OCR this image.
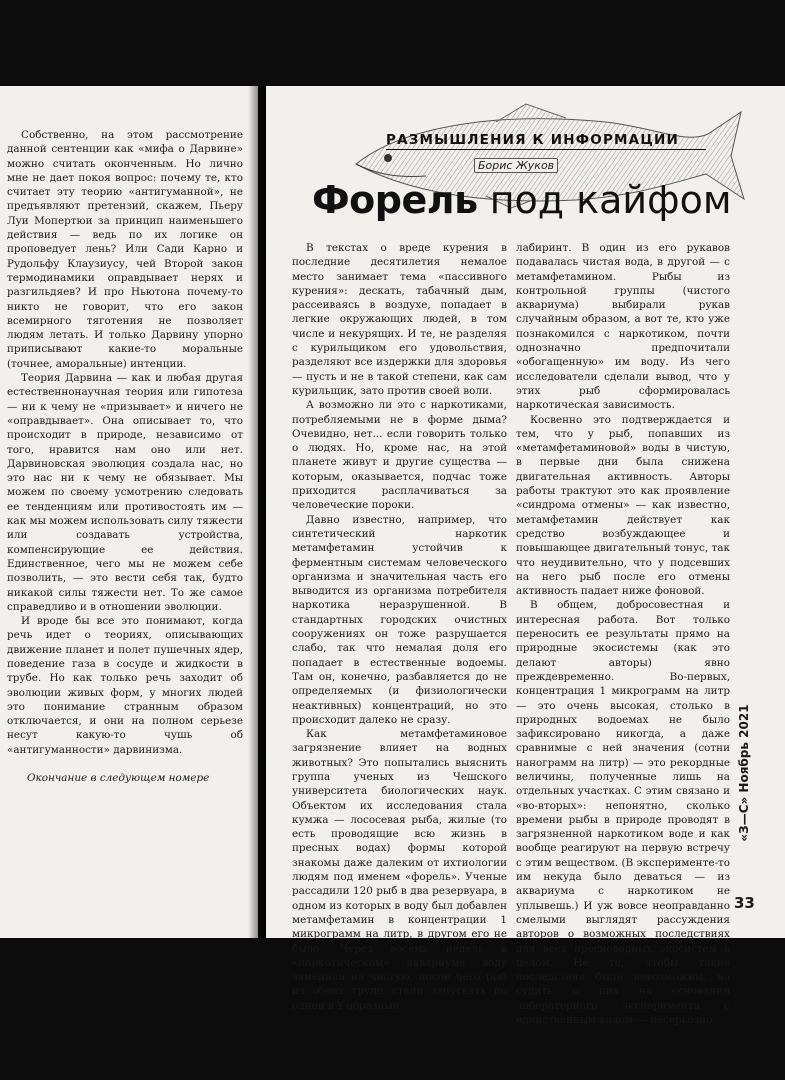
Собственно, на этом рассмотрение данной сентенции как «мифа о Дарвине» можно считать оконченным. Но лично мне не дает покоя вопрос: почему те, кто считает эту теорию «антигуманной», не предъявляют претензий, скажем, Пьеру Луи Мопертюи за принцип наименьшего действия — ведь по их логике он проповедует лень? Или Сади Карно и Рудольфу Клаузиусу, чей Второй закон термодинамики оправдывает нерях и разгильдяев? И про Ньютона почему-то никто не говорит, что его закон всемирного тяготения не позволяет людям летать. И только Дарвину упорно приписывают какие-то моральные (точнее, аморальные) интенции.

Теория Дарвина — как и любая другая естественнонаучная теория или гипотеза — ни к чему не «призывает» и ничего не «оправдывает». Она описывает то, что происходит в природе, независимо от того, нравится нам оно или нет. Дарвиновская эволюция создала нас, но это нас ни к чему не обязывает. Мы можем по своему усмотрению следовать ее тенденциям или противостоять им — как мы можем использовать силу тяжести или создавать устройства, компенсирующие ее действия. Единственное, чего мы не можем себе позволить, — это вести себя так, будто никакой силы тяжести нет. То же самое справедливо и в отношении эволюции.

И вроде бы все это понимают, когда речь идет о теориях, описывающих движение планет и полет пушечных ядер, поведение газа в сосуде и жидкости в трубе. Но как только речь заходит об эволюции живых форм, у многих людей это понимание странным образом отключается, и они на полном серьезе несут какую-то чушь об «антигуманности» дарвинизма.

Окончание в следующем номере

РАЗМЫШЛЕНИЯ К ИНФОРМАЦИИ
Борис Жуков
Форель под кайфом

В текстах о вреде курения в последние десятилетия немалое место занимает тема «пассивного курения»: дескать, табачный дым, рассеиваясь в воздухе, попадает в легкие окружающих людей, в том числе и некурящих. И те, не разделяя с курильщиком его удовольствия, разделяют все издержки для здоровья — пусть и не в такой степени, как сам курильщик, зато против своей воли.

А возможно ли это с наркотиками, потребляемыми не в форме дыма? Очевидно, нет... если говорить только о людях. Но, кроме нас, на этой планете живут и другие существа — которым, оказывается, подчас тоже приходится расплачиваться за человеческие пороки.

Давно известно, например, что синтетический наркотик метамфетамин устойчив к ферментным системам человеческого организма и значительная часть его выводится из организма потребителя наркотика неразрушенной. В стандартных городских очистных сооружениях он тоже разрушается слабо, так что немалая доля его попадает в естественные водоемы. Там он, конечно, разбавляется до не определяемых (и физиологически неактивных) концентраций, но это происходит далеко не сразу.

Как метамфетаминовое загрязнение влияет на водных животных? Это попытались выяснить группа ученых из Чешского университета биологических наук. Объектом их исследования стала кумжа — лососевая рыба, жилые (то есть проводящие всю жизнь в пресных водах) формы которой знакомы даже далеким от ихтиологии людям под именем «форель». Ученые рассадили 120 рыб в два резервуара, в одном из которых в воду был добавлен метамфетамин в концентрации 1 микрограмм на литр, в другом его не было. Через восемь недель в «наркотическом» аквариуме воду заменили на чистую, после чего рыб из обеих групп стали запускать по одной в Y-образный

лабиринт. В один из его рукавов подавалась чистая вода, в другой — с метамфетамином. Рыбы из контрольной группы (чистого аквариума) выбирали рукав случайным образом, а вот те, кто уже познакомился с наркотиком, почти однозначно предпочитали «обогащенную» им воду. Из чего исследователи сделали вывод, что у этих рыб сформировалась наркотическая зависимость.

Косвенно это подтверждается и тем, что у рыб, попавших из «метамфетаминовой» воды в чистую, в первые дни была снижена двигательная активность. Авторы работы трактуют это как проявление «синдрома отмены» — как известно, метамфетамин действует как средство возбуждающее и повышающее двигательный тонус, так что неудивительно, что у подсевших на него рыб после его отмены активность падает ниже фоновой.

В общем, добросовестная и интересная работа. Вот только переносить ее результаты прямо на природные экосистемы (как это делают авторы) явно преждевременно. Во-первых, концентрация 1 микрограмм на литр — это очень высокая, столько в природных водоемах не было зафиксировано никогда, а даже сравнимые с ней значения (сотни нанограмм на литр) — это рекордные величины, полученные лишь на отдельных участках. С этим связано и «во-вторых»: непонятно, сколько времени рыбы в природе проводят в загрязненной наркотиком воде и как вообще реагируют на первую встречу с этим веществом. (В эксперименте-то им некуда было деваться — из аквариума с наркотиком не уплывешь.) И уж вовсе неоправданно смелыми выглядят рассуждения авторов о возможных последствиях для всех пресноводных экосистем в целом. Не то, чтобы такие последствия были невозможны, но судить о них на основании лабораторного эксперимента с единственным видом — несерьезно.

«З—С» Ноябрь 2021
33
